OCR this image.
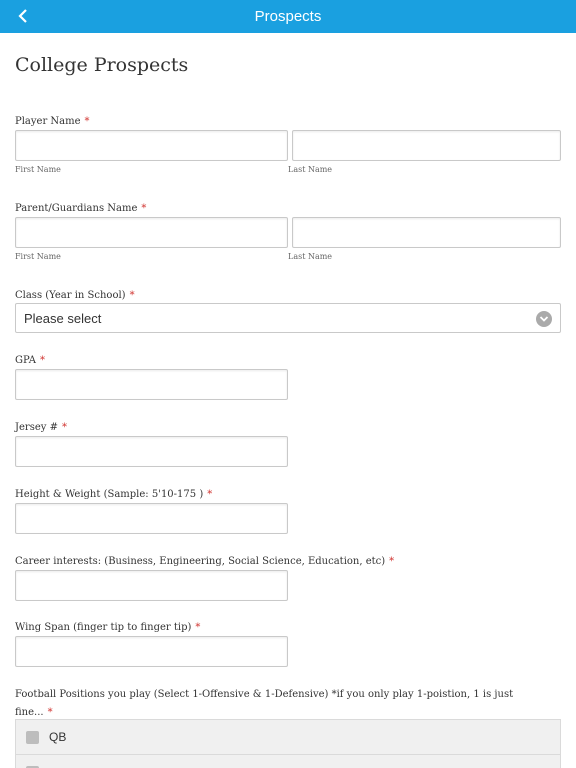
Prospects
College Prospects
Player Name *
First Name	Last Name
Parent/Guardians Name *
First Name	Last Name
Class (Year in School) *
Please select
GPA *
Jersey # *
Height & Weight (Sample: 5'10-175 ) *
Career interests: (Business, Engineering, Social Science, Education, etc) *
Wing Span (finger tip to finger tip) *
Football Positions you play (Select 1-Offensive & 1-Defensive) *if you only play 1-poistion, 1 is just fine... *
QB
